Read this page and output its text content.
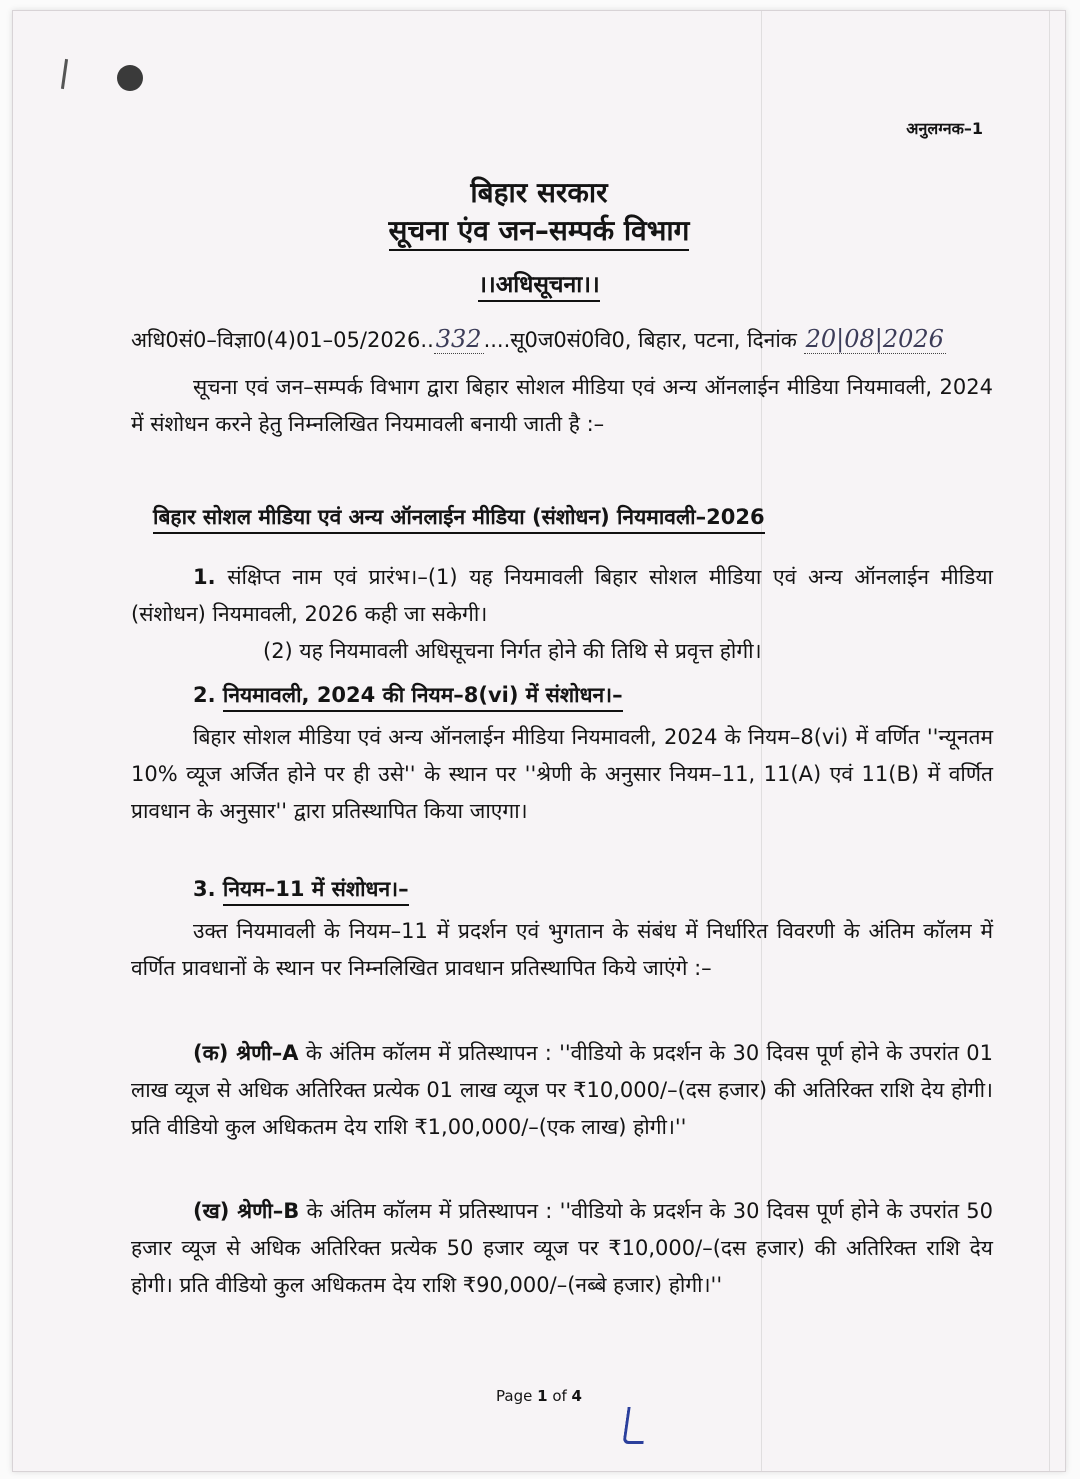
अनुलग्नक–1
बिहार सरकार
सूचना एंव जन–सम्पर्क विभाग
।।अधिसूचना।।
अधि0सं0–विज्ञा0(4)01–05/2026..332....सू0ज0सं0वि0, बिहार, पटना, दिनांक 20|08|2026

सूचना एवं जन–सम्पर्क विभाग द्वारा बिहार सोशल मीडिया एवं अन्य ऑनलाईन मीडिया नियमावली, 2024 में संशोधन करने हेतु निम्नलिखित नियमावली बनायी जाती है :–

बिहार सोशल मीडिया एवं अन्य ऑनलाईन मीडिया (संशोधन) नियमावली–2026

1. संक्षिप्त नाम एवं प्रारंभ।–(1) यह नियमावली बिहार सोशल मीडिया एवं अन्य ऑनलाईन मीडिया (संशोधन) नियमावली, 2026 कही जा सकेगी।

(2) यह नियमावली अधिसूचना निर्गत होने की तिथि से प्रवृत्त होगी।

2. नियमावली, 2024 की नियम–8(vi) में संशोधन।–

बिहार सोशल मीडिया एवं अन्य ऑनलाईन मीडिया नियमावली, 2024 के नियम–8(vi) में वर्णित ''न्यूनतम 10% व्यूज अर्जित होने पर ही उसे'' के स्थान पर ''श्रेणी के अनुसार नियम–11, 11(A) एवं 11(B) में वर्णित प्रावधान के अनुसार'' द्वारा प्रतिस्थापित किया जाएगा।

3. नियम–11 में संशोधन।–

उक्त नियमावली के नियम–11 में प्रदर्शन एवं भुगतान के संबंध में निर्धारित विवरणी के अंतिम कॉलम में वर्णित प्रावधानों के स्थान पर निम्नलिखित प्रावधान प्रतिस्थापित किये जाएंगे :–

(क) श्रेणी–A के अंतिम कॉलम में प्रतिस्थापन : ''वीडियो के प्रदर्शन के 30 दिवस पूर्ण होने के उपरांत 01 लाख व्यूज से अधिक अतिरिक्त प्रत्येक 01 लाख व्यूज पर ₹10,000/–(दस हजार) की अतिरिक्त राशि देय होगी। प्रति वीडियो कुल अधिकतम देय राशि ₹1,00,000/–(एक लाख) होगी।''

(ख) श्रेणी–B के अंतिम कॉलम में प्रतिस्थापन : ''वीडियो के प्रदर्शन के 30 दिवस पूर्ण होने के उपरांत 50 हजार व्यूज से अधिक अतिरिक्त प्रत्येक 50 हजार व्यूज पर ₹10,000/–(दस हजार) की अतिरिक्त राशि देय होगी। प्रति वीडियो कुल अधिकतम देय राशि ₹90,000/–(नब्बे हजार) होगी।''

Page 1 of 4
